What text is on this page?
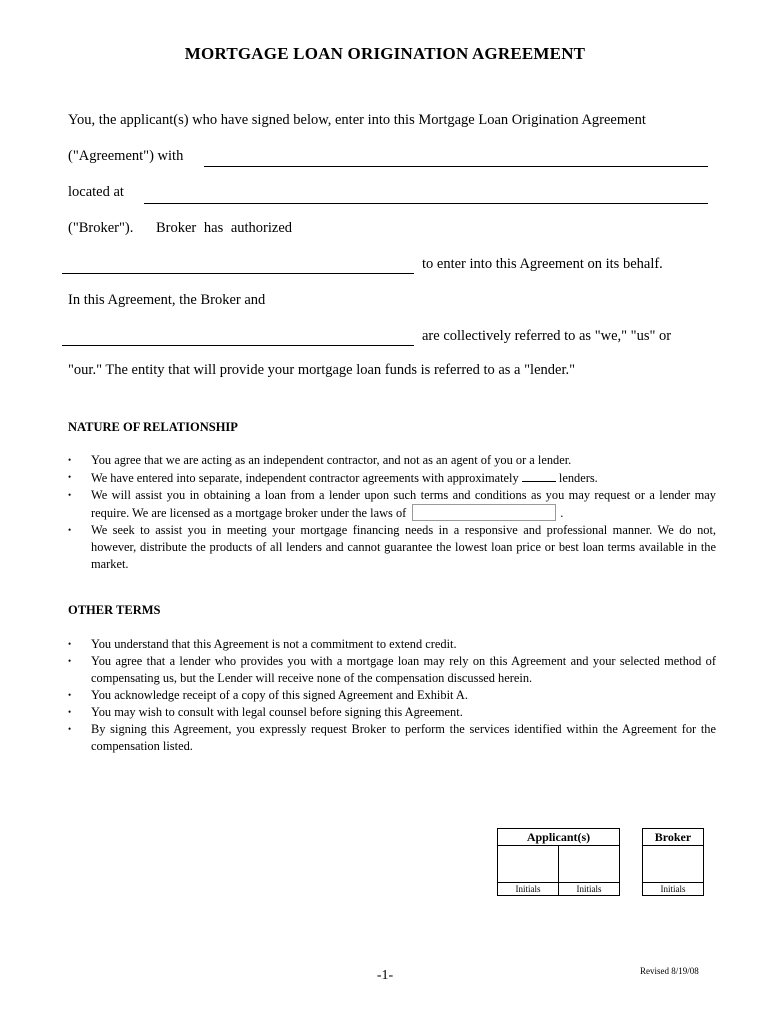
MORTGAGE LOAN ORIGINATION AGREEMENT
You, the applicant(s) who have signed below, enter into this Mortgage Loan Origination Agreement
("Agreement") with
located at
("Broker"). Broker has authorized
to enter into this Agreement on its behalf.
In this Agreement, the Broker and
are collectively referred to as "we," "us" or
"our." The entity that will provide your mortgage loan funds is referred to as a "lender."
NATURE OF RELATIONSHIP
• You agree that we are acting as an independent contractor, and not as an agent of you or a lender.
• We have entered into separate, independent contractor agreements with approximately	lenders.
• We will assist you in obtaining a loan from a lender upon such terms and conditions as you may request or a lender may require. We are licensed as a mortgage broker under the laws of	.
• We seek to assist you in meeting your mortgage financing needs in a responsive and professional manner. We do not, however, distribute the products of all lenders and cannot guarantee the lowest loan price or best loan terms available in the market.
OTHER TERMS
• You understand that this Agreement is not a commitment to extend credit.
• You agree that a lender who provides you with a mortgage loan may rely on this Agreement and your selected method of compensating us, but the Lender will receive none of the compensation discussed herein.
• You acknowledge receipt of a copy of this signed Agreement and Exhibit A.
• You may wish to consult with legal counsel before signing this Agreement.
• By signing this Agreement, you expressly request Broker to perform the services identified within the Agreement for the compensation listed.
Applicant(s)			Broker

Initials	Initials		Initials
-1-	Revised 8/19/08
